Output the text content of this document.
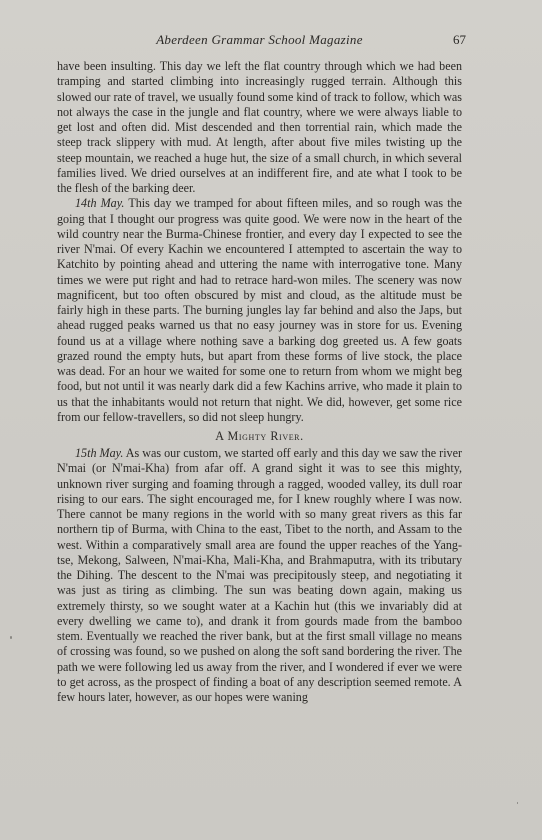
Aberdeen Grammar School Magazine	67

have been insulting. This day we left the flat country through which we had been tramping and started climbing into increasingly rugged terrain. Although this slowed our rate of travel, we usually found some kind of track to follow, which was not always the case in the jungle and flat country, where we were always liable to get lost and often did. Mist descended and then torrential rain, which made the steep track slippery with mud. At length, after about five miles twisting up the steep mountain, we reached a huge hut, the size of a small church, in which several families lived. We dried ourselves at an indifferent fire, and ate what I took to be the flesh of the barking deer.

14th May. This day we tramped for about fifteen miles, and so rough was the going that I thought our progress was quite good. We were now in the heart of the wild country near the Burma-Chinese frontier, and every day I expected to see the river N'mai. Of every Kachin we encountered I attempted to ascertain the way to Katchito by pointing ahead and uttering the name with interrogative tone. Many times we were put right and had to retrace hard-won miles. The scenery was now magnificent, but too often obscured by mist and cloud, as the altitude must be fairly high in these parts. The burning jungles lay far behind and also the Japs, but ahead rugged peaks warned us that no easy journey was in store for us. Evening found us at a village where nothing save a barking dog greeted us. A few goats grazed round the empty huts, but apart from these forms of live stock, the place was dead. For an hour we waited for some one to return from whom we might beg food, but not until it was nearly dark did a few Kachins arrive, who made it plain to us that the inhabitants would not return that night. We did, however, get some rice from our fellow-travellers, so did not sleep hungry.

A Mighty River.

15th May. As was our custom, we started off early and this day we saw the river N'mai (or N'mai-Kha) from afar off. A grand sight it was to see this mighty, unknown river surging and foaming through a ragged, wooded valley, its dull roar rising to our ears. The sight encouraged me, for I knew roughly where I was now. There cannot be many regions in the world with so many great rivers as this far northern tip of Burma, with China to the east, Tibet to the north, and Assam to the west. Within a comparatively small area are found the upper reaches of the Yang-tse, Mekong, Salween, N'mai-Kha, Mali-Kha, and Brahmaputra, with its tributary the Dihing. The descent to the N'mai was precipitously steep, and negotiating it was just as tiring as climbing. The sun was beating down again, making us extremely thirsty, so we sought water at a Kachin hut (this we invariably did at every dwelling we came to), and drank it from gourds made from the bamboo stem. Eventually we reached the river bank, but at the first small village no means of crossing was found, so we pushed on along the soft sand bordering the river. The path we were following led us away from the river, and I wondered if ever we were to get across, as the prospect of finding a boat of any description seemed remote. A few hours later, however, as our hopes were waning
